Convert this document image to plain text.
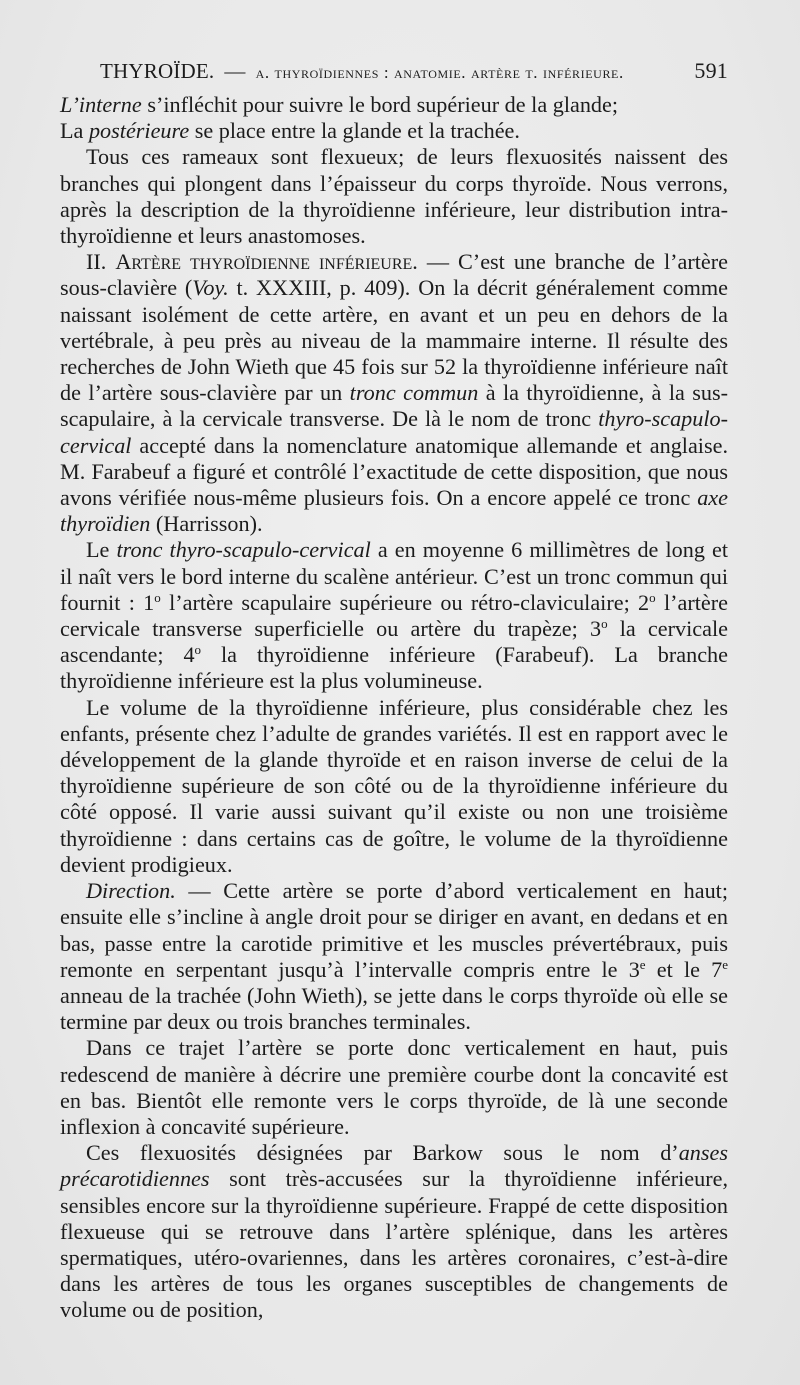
THYROÏDE. — a. thyroïdiennes : anatomie. artère t. inférieure.	591

L’interne s’infléchit pour suivre le bord supérieur de la glande;

La postérieure se place entre la glande et la trachée.

Tous ces rameaux sont flexueux; de leurs flexuosités naissent des branches qui plongent dans l’épaisseur du corps thyroïde. Nous verrons, après la description de la thyroïdienne inférieure, leur distribution intra-thyroïdienne et leurs anastomoses.

II. Artère thyroïdienne inférieure. — C’est une branche de l’artère sous-clavière (Voy. t. XXXIII, p. 409). On la décrit généralement comme naissant isolément de cette artère, en avant et un peu en dehors de la vertébrale, à peu près au niveau de la mammaire interne. Il résulte des recherches de John Wieth que 45 fois sur 52 la thyroïdienne inférieure naît de l’artère sous-clavière par un tronc commun à la thyroïdienne, à la sus-scapulaire, à la cervicale transverse. De là le nom de tronc thyro-scapulo-cervical accepté dans la nomenclature anatomique allemande et anglaise. M. Farabeuf a figuré et contrôlé l’exactitude de cette disposition, que nous avons vérifiée nous-même plusieurs fois. On a encore appelé ce tronc axe thyroïdien (Harrisson).

Le tronc thyro-scapulo-cervical a en moyenne 6 millimètres de long et il naît vers le bord interne du scalène antérieur. C’est un tronc commun qui fournit : 1$^o$ l’artère scapulaire supérieure ou rétro-claviculaire; 2$^o$ l’artère cervicale transverse superficielle ou artère du trapèze; 3$^o$ la cervicale ascendante; 4$^o$ la thyroïdienne inférieure (Farabeuf). La branche thyroïdienne inférieure est la plus volumineuse.

Le volume de la thyroïdienne inférieure, plus considérable chez les enfants, présente chez l’adulte de grandes variétés. Il est en rapport avec le développement de la glande thyroïde et en raison inverse de celui de la thyroïdienne supérieure de son côté ou de la thyroïdienne inférieure du côté opposé. Il varie aussi suivant qu’il existe ou non une troisième thyroïdienne : dans certains cas de goître, le volume de la thyroïdienne devient prodigieux.

Direction. — Cette artère se porte d’abord verticalement en haut; ensuite elle s’incline à angle droit pour se diriger en avant, en dedans et en bas, passe entre la carotide primitive et les muscles prévertébraux, puis remonte en serpentant jusqu’à l’intervalle compris entre le 3e et le 7e anneau de la trachée (John Wieth), se jette dans le corps thyroïde où elle se termine par deux ou trois branches terminales.

Dans ce trajet l’artère se porte donc verticalement en haut, puis redescend de manière à décrire une première courbe dont la concavité est en bas. Bientôt elle remonte vers le corps thyroïde, de là une seconde inflexion à concavité supérieure.

Ces flexuosités désignées par Barkow sous le nom d’anses précarotidiennes sont très-accusées sur la thyroïdienne inférieure, sensibles encore sur la thyroïdienne supérieure. Frappé de cette disposition flexueuse qui se retrouve dans l’artère splénique, dans les artères spermatiques, utéro-ovariennes, dans les artères coronaires, c’est-à-dire dans les artères de tous les organes susceptibles de changements de volume ou de position,
